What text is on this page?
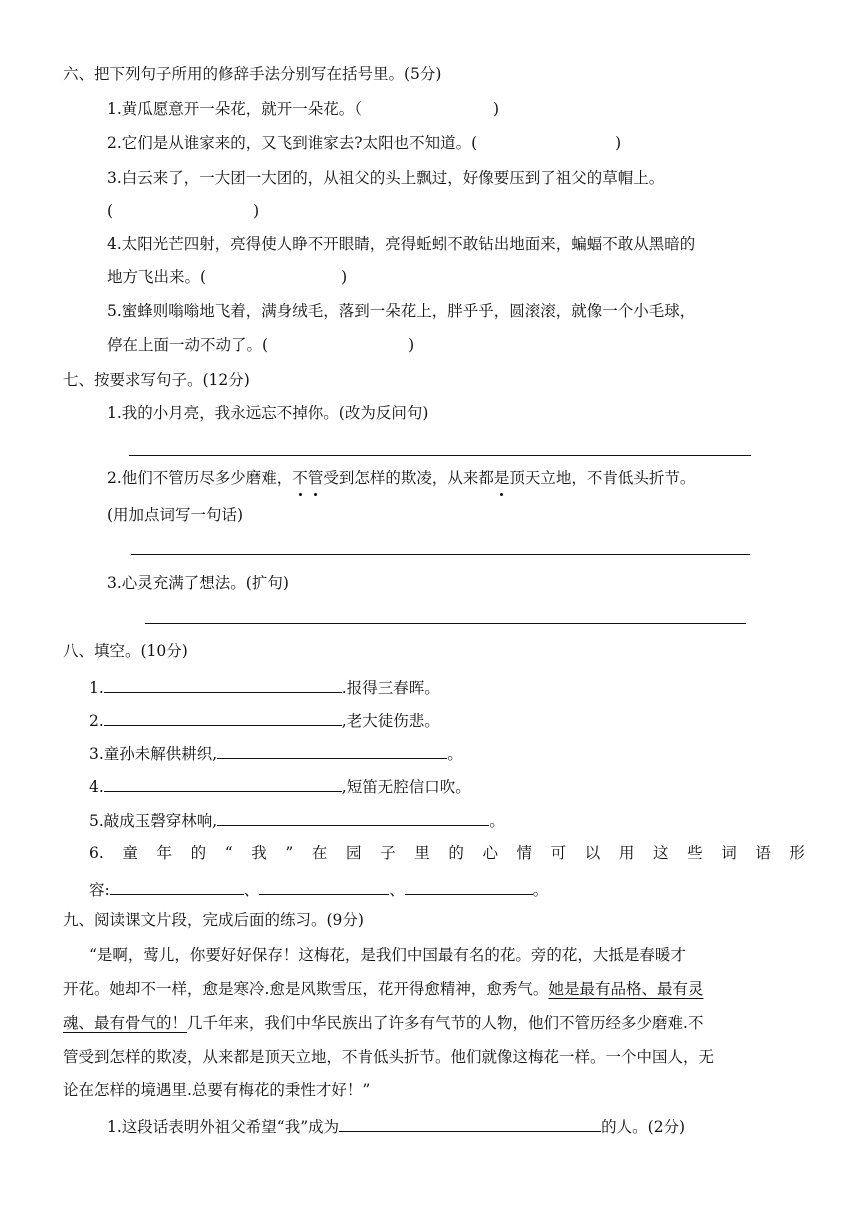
六、把下列句子所用的修辞手法分别写在括号里。(5分)
1.黄瓜愿意开一朵花，就开一朵花。（	)
2.它们是从谁家来的，又飞到谁家去?太阳也不知道。(	)
3.白云来了，一大团一大团的，从祖父的头上飘过，好像要压到了祖父的草帽上。
(	)
4.太阳光芒四射，亮得使人睁不开眼睛，亮得蚯蚓不敢钻出地面来，蝙蝠不敢从黑暗的
地方飞出来。(	)
5.蜜蜂则嗡嗡地飞着，满身绒毛，落到一朵花上，胖乎乎，圆滚滚，就像一个小毛球，
停在上面一动不动了。(	)
七、按要求写句子。(12分)
1.我的小月亮，我永远忘不掉你。(改为反问句)
2.他们不管历尽多少磨难，不管受到怎样的欺凌，从来都是顶天立地，不肯低头折节。
(用加点词写一句话)
3.心灵充满了想法。(扩句)
八、填空。(10分)
1.	.报得三春晖。
2.	,老大徒伤悲。
3.童孙未解供耕织,	。
4.	,短笛无腔信口吹。
5.敲成玉磬穿林响,	。
6. 童 年 的 “ 我 ” 在 园 子 里 的 心 情 可 以 用 这 些 词 语 形
容:	、	、	。
九、阅读课文片段，完成后面的练习。(9分)
“是啊，莺儿，你要好好保存！这梅花，是我们中国最有名的花。旁的花，大抵是春暖才
开花。她却不一样，愈是寒冷.愈是风欺雪压，花开得愈精神，愈秀气。她是最有品格、最有灵
魂、最有骨气的！几千年来，我们中华民族出了许多有气节的人物，他们不管历经多少磨难.不
管受到怎样的欺凌，从来都是顶天立地，不肯低头折节。他们就像这梅花一样。一个中国人，无
论在怎样的境遇里.总要有梅花的秉性才好！”
1.这段话表明外祖父希望“我”成为	的人。(2分)
